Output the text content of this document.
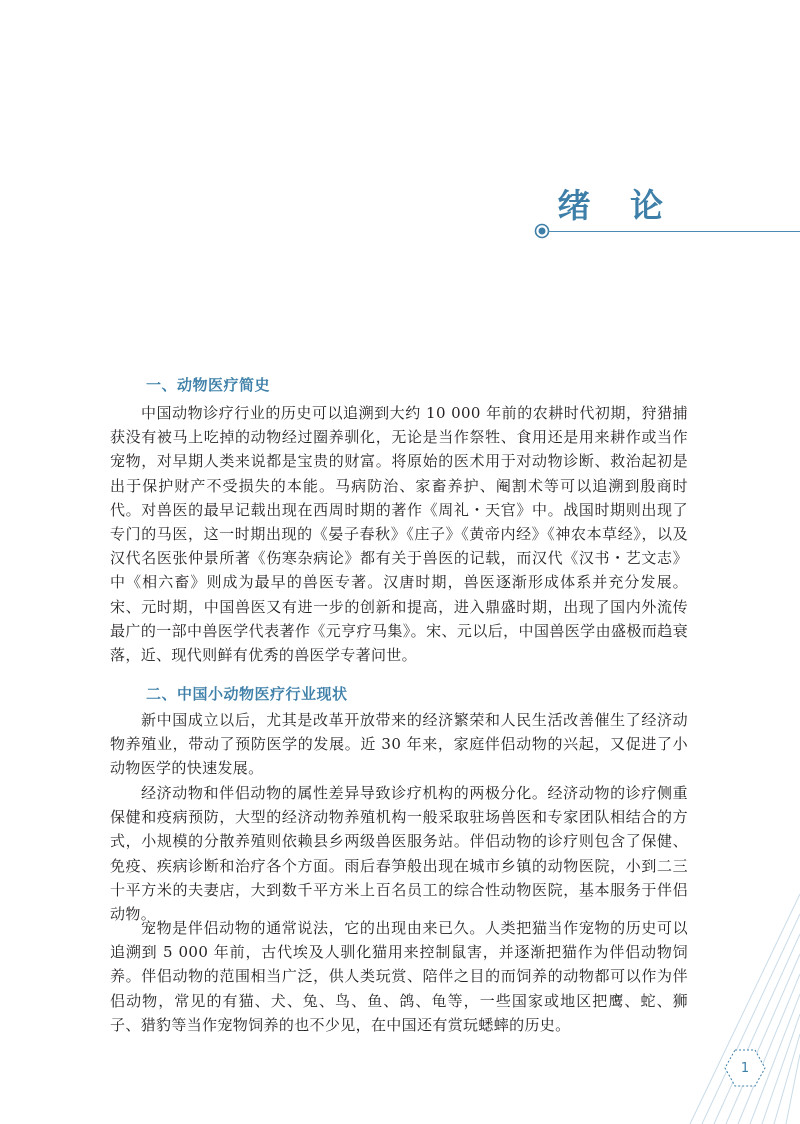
绪 论
一、动物医疗简史

中国动物诊疗行业的历史可以追溯到大约 10 000 年前的农耕时代初期，狩猎捕获没有被马上吃掉的动物经过圈养驯化，无论是当作祭牲、食用还是用来耕作或当作宠物，对早期人类来说都是宝贵的财富。将原始的医术用于对动物诊断、救治起初是出于保护财产不受损失的本能。马病防治、家畜养护、阉割术等可以追溯到殷商时代。对兽医的最早记载出现在西周时期的著作《周礼・天官》中。战国时期则出现了专门的马医，这一时期出现的《晏子春秋》《庄子》《黄帝内经》《神农本草经》，以及汉代名医张仲景所著《伤寒杂病论》都有关于兽医的记载，而汉代《汉书・艺文志》中《相六畜》则成为最早的兽医专著。汉唐时期，兽医逐渐形成体系并充分发展。宋、元时期，中国兽医又有进一步的创新和提高，进入鼎盛时期，出现了国内外流传最广的一部中兽医学代表著作《元亨疗马集》。宋、元以后，中国兽医学由盛极而趋衰落，近、现代则鲜有优秀的兽医学专著问世。

二、中国小动物医疗行业现状

新中国成立以后，尤其是改革开放带来的经济繁荣和人民生活改善催生了经济动物养殖业，带动了预防医学的发展。近 30 年来，家庭伴侣动物的兴起，又促进了小动物医学的快速发展。

经济动物和伴侣动物的属性差异导致诊疗机构的两极分化。经济动物的诊疗侧重保健和疫病预防，大型的经济动物养殖机构一般采取驻场兽医和专家团队相结合的方式，小规模的分散养殖则依赖县乡两级兽医服务站。伴侣动物的诊疗则包含了保健、免疫、疾病诊断和治疗各个方面。雨后春笋般出现在城市乡镇的动物医院，小到二三十平方米的夫妻店，大到数千平方米上百名员工的综合性动物医院，基本服务于伴侣动物。

宠物是伴侣动物的通常说法，它的出现由来已久。人类把猫当作宠物的历史可以追溯到 5 000 年前，古代埃及人驯化猫用来控制鼠害，并逐渐把猫作为伴侣动物饲养。伴侣动物的范围相当广泛，供人类玩赏、陪伴之目的而饲养的动物都可以作为伴侣动物，常见的有猫、犬、兔、鸟、鱼、鸽、龟等，一些国家或地区把鹰、蛇、狮子、猎豹等当作宠物饲养的也不少见，在中国还有赏玩蟋蟀的历史。

1
